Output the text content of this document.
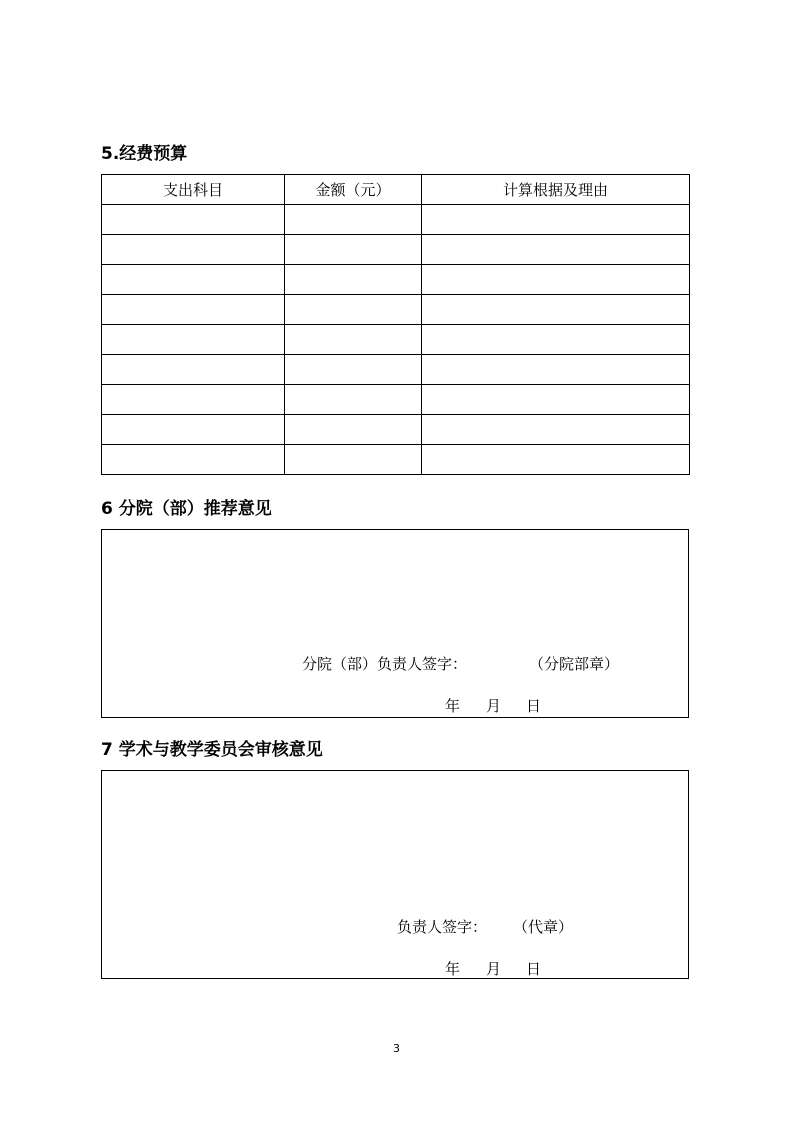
5.经费预算
支出科目	金额（元）	计算根据及理由

6 分院（部）推荐意见
分院（部）负责人签字：	（分院部章）
年 月 日
7 学术与教学委员会审核意见
负责人签字： （代章）
年 月 日
3
